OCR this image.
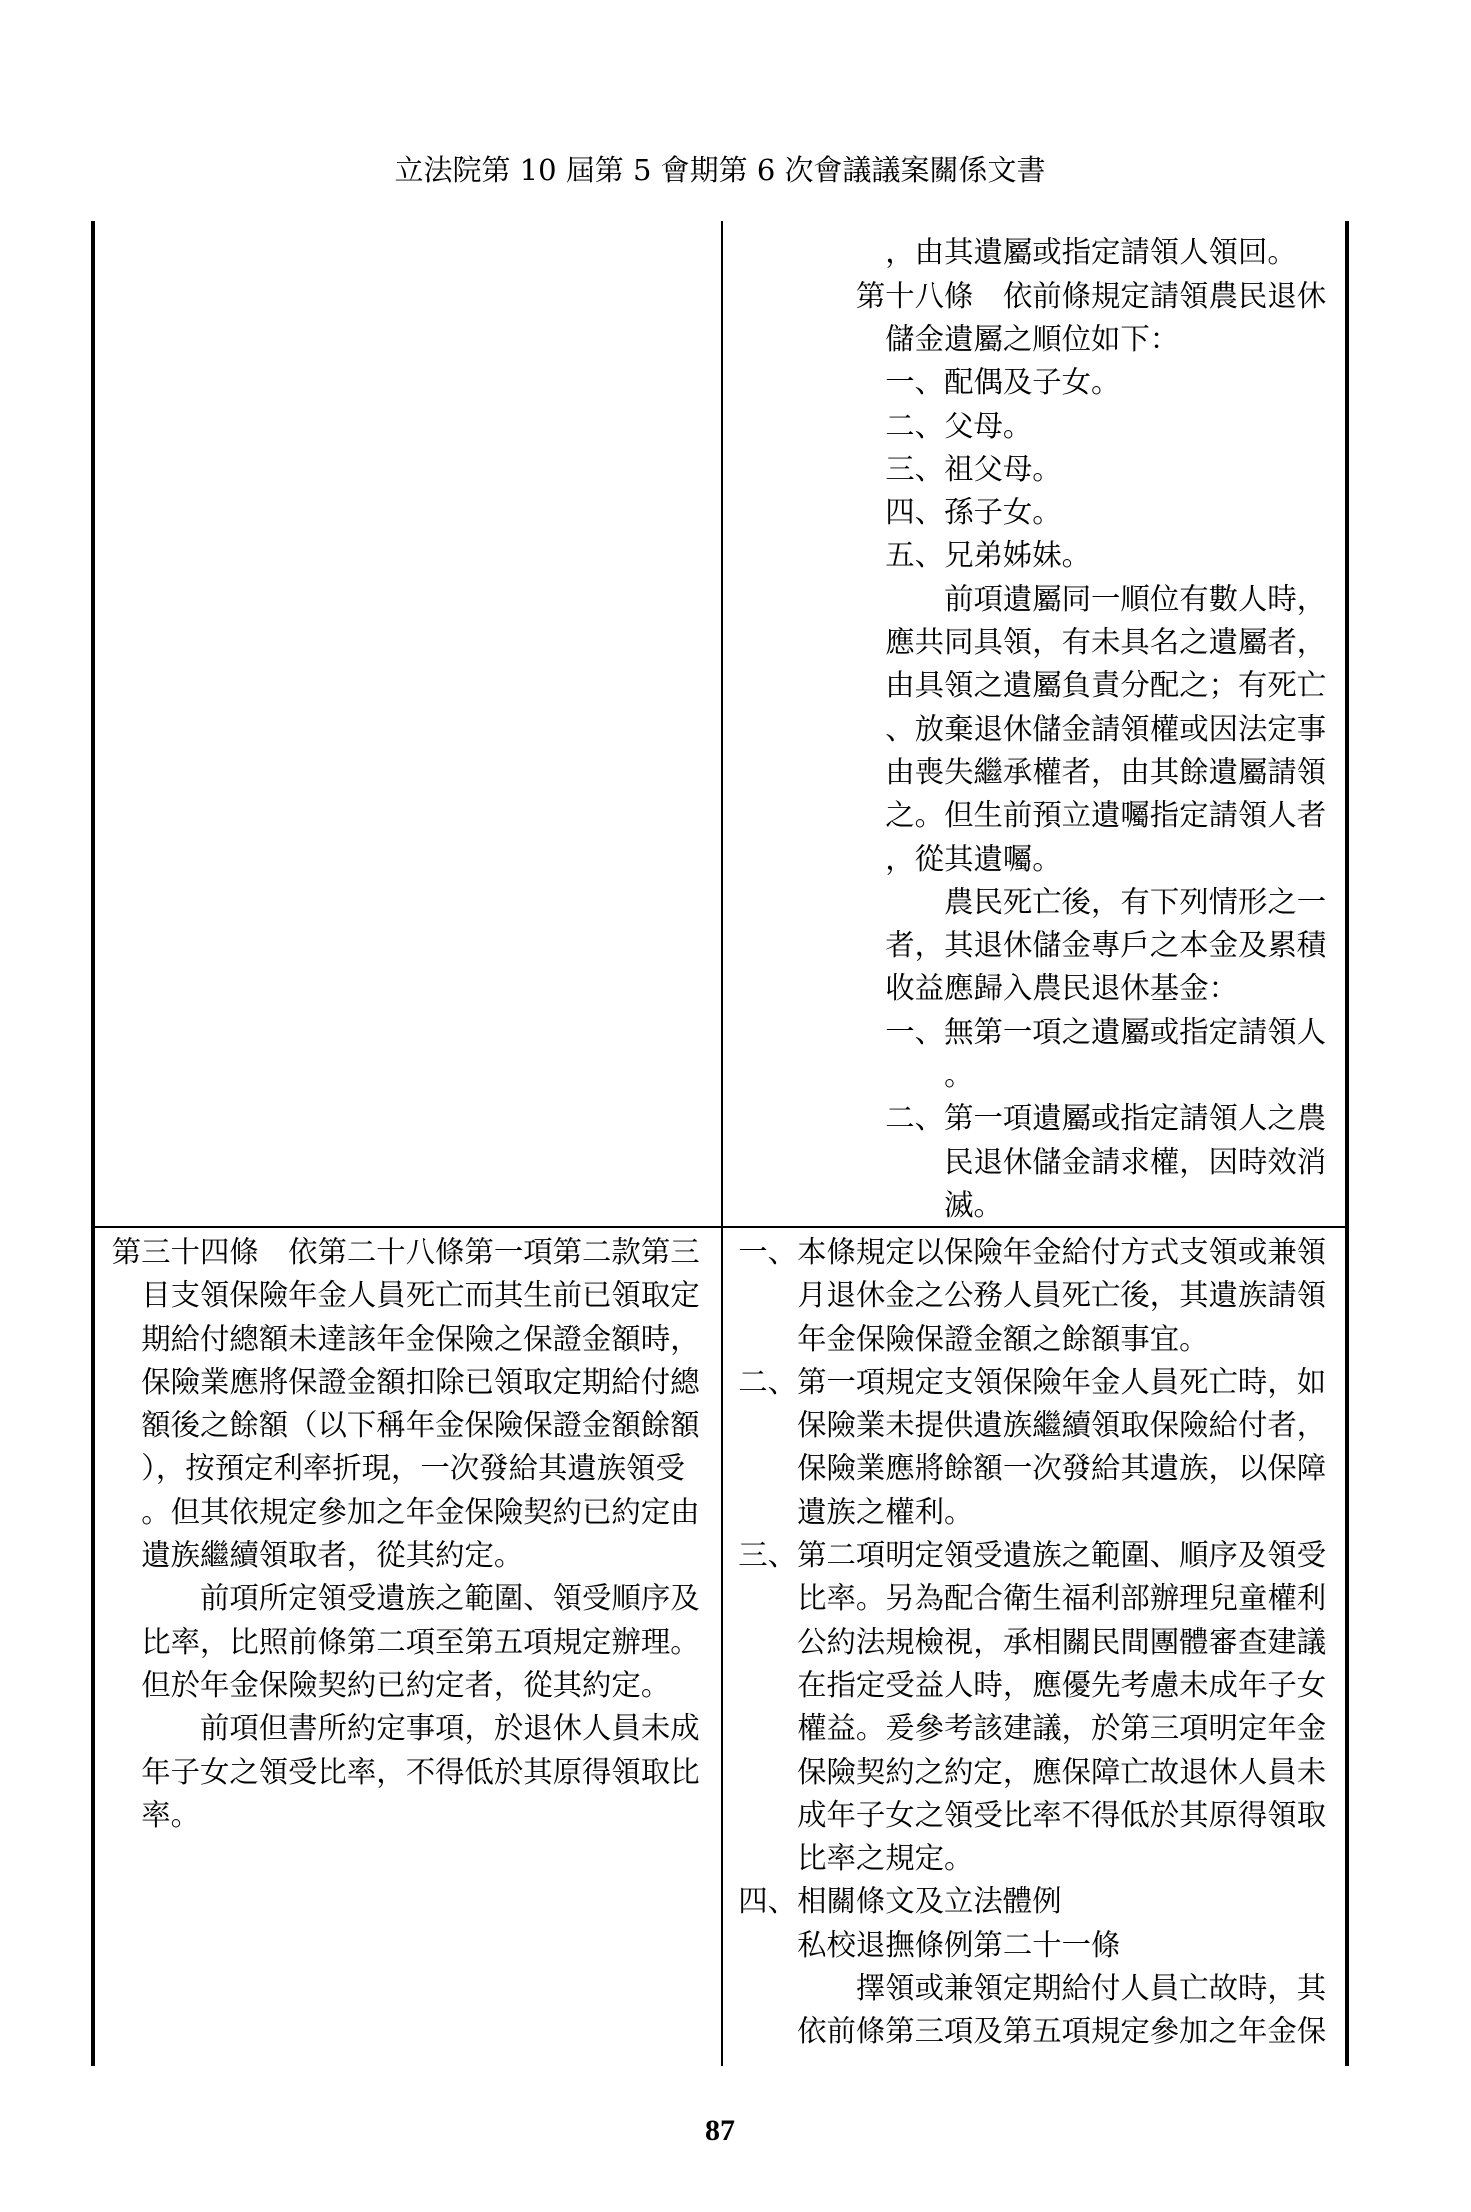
立法院第 10 屆第 5 會期第 6 次會議議案關係文書
，由其遺屬或指定請領人領回。
第十八條　依前條規定請領農民退休
儲金遺屬之順位如下：
一、配偶及子女。
二、父母。
三、祖父母。
四、孫子女。
五、兄弟姊妹。
前項遺屬同一順位有數人時，
應共同具領，有未具名之遺屬者，
由具領之遺屬負責分配之；有死亡
、放棄退休儲金請領權或因法定事
由喪失繼承權者，由其餘遺屬請領
之。但生前預立遺囑指定請領人者
，從其遺囑。
農民死亡後，有下列情形之一
者，其退休儲金專戶之本金及累積
收益應歸入農民退休基金：
一、無第一項之遺屬或指定請領人
。
二、第一項遺屬或指定請領人之農
民退休儲金請求權，因時效消
滅。
第三十四條　依第二十八條第一項第二款第三
目支領保險年金人員死亡而其生前已領取定
期給付總額未達該年金保險之保證金額時，
保險業應將保證金額扣除已領取定期給付總
額後之餘額（以下稱年金保險保證金額餘額
），按預定利率折現，一次發給其遺族領受
。但其依規定參加之年金保險契約已約定由
遺族繼續領取者，從其約定。
前項所定領受遺族之範圍、領受順序及
比率，比照前條第二項至第五項規定辦理。
但於年金保險契約已約定者，從其約定。
前項但書所約定事項，於退休人員未成
年子女之領受比率，不得低於其原得領取比
率。
一、本條規定以保險年金給付方式支領或兼領
月退休金之公務人員死亡後，其遺族請領
年金保險保證金額之餘額事宜。
二、第一項規定支領保險年金人員死亡時，如
保險業未提供遺族繼續領取保險給付者，
保險業應將餘額一次發給其遺族，以保障
遺族之權利。
三、第二項明定領受遺族之範圍、順序及領受
比率。另為配合衛生福利部辦理兒童權利
公約法規檢視，承相關民間團體審查建議
在指定受益人時，應優先考慮未成年子女
權益。爰參考該建議，於第三項明定年金
保險契約之約定，應保障亡故退休人員未
成年子女之領受比率不得低於其原得領取
比率之規定。
四、相關條文及立法體例
私校退撫條例第二十一條
擇領或兼領定期給付人員亡故時，其
依前條第三項及第五項規定參加之年金保
87
